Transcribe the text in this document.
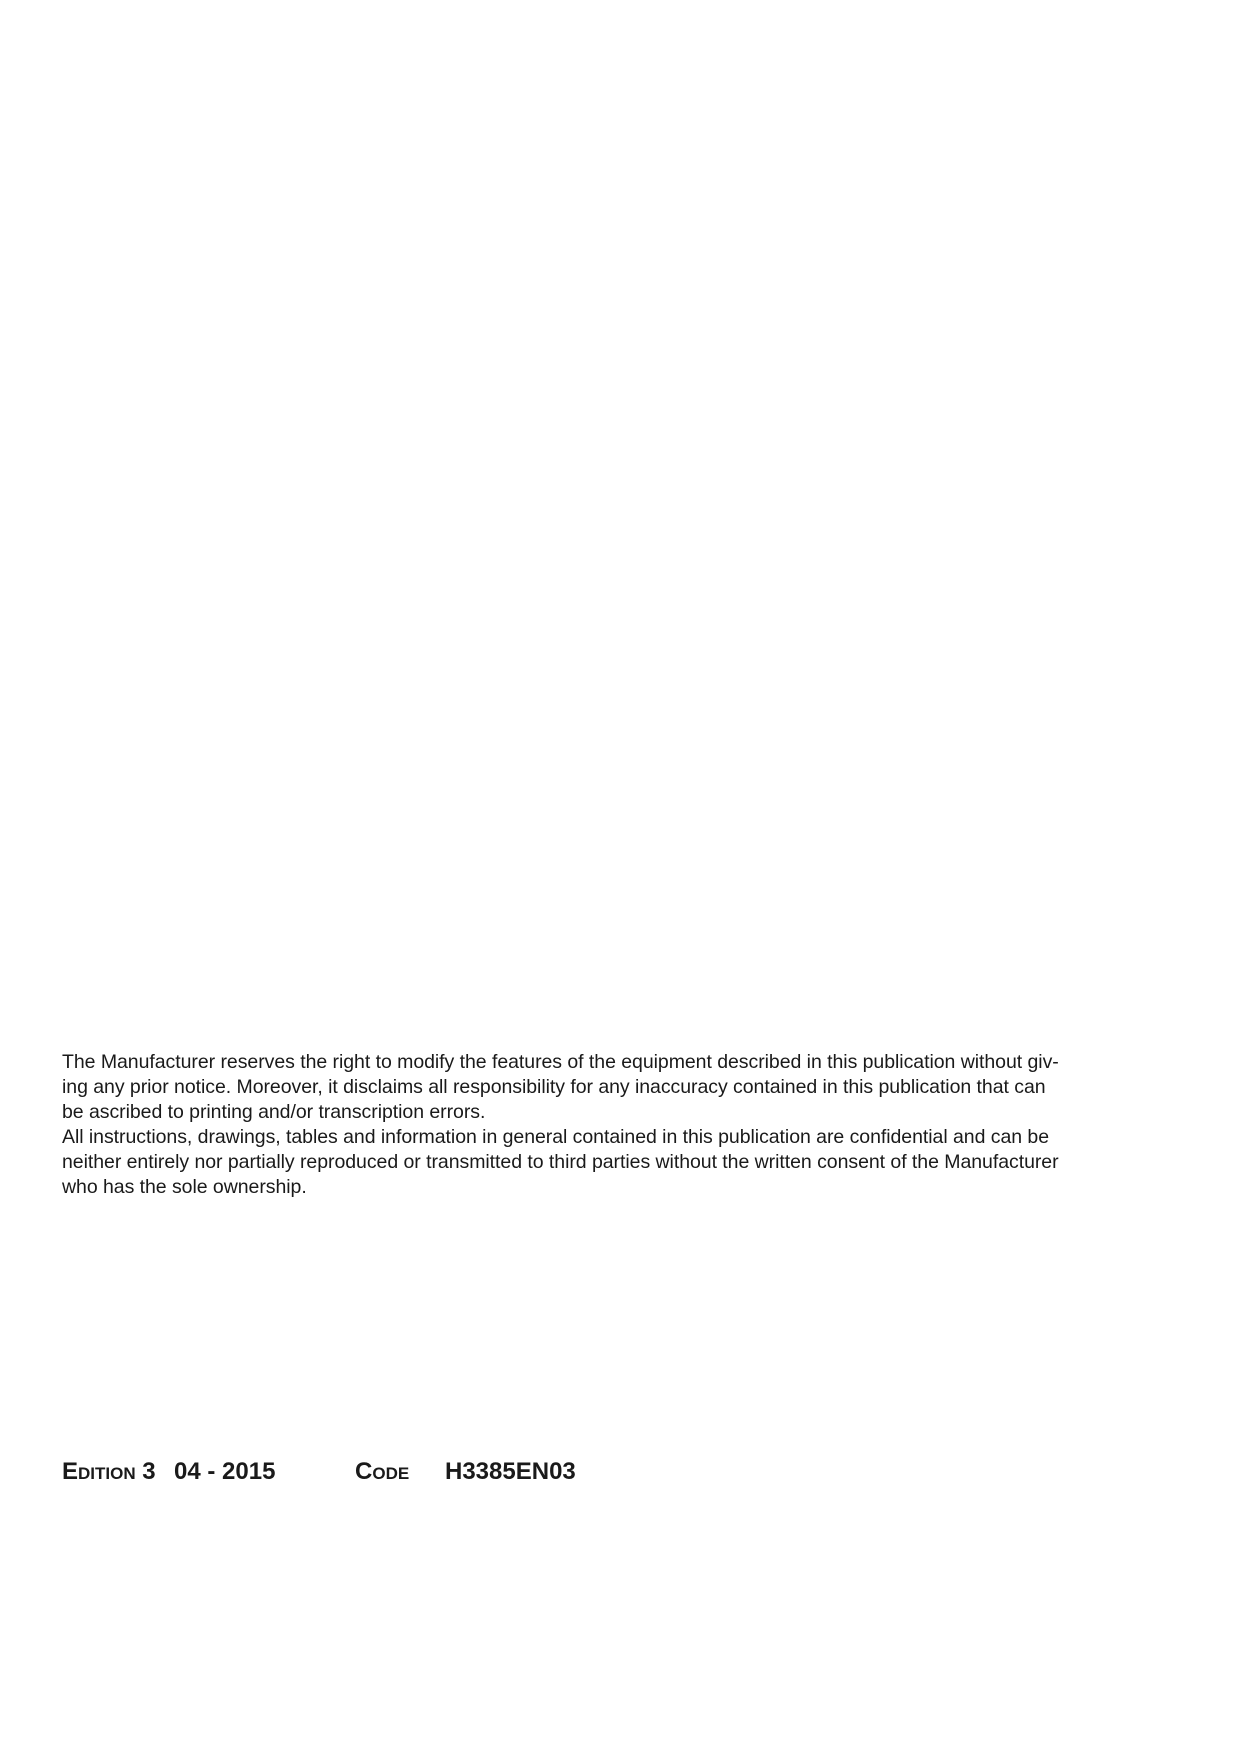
The Manufacturer reserves the right to modify the features of the equipment described in this publication without giv-
ing any prior notice. Moreover, it disclaims all responsibility for any inaccuracy contained in this publication that can
be ascribed to printing and/or transcription errors.
All instructions, drawings, tables and information in general contained in this publication are confidential and can be
neither entirely nor partially reproduced or transmitted to third parties without the written consent of the Manufacturer
who has the sole ownership.
EDITION 3 04 - 2015	CODE H3385EN03
